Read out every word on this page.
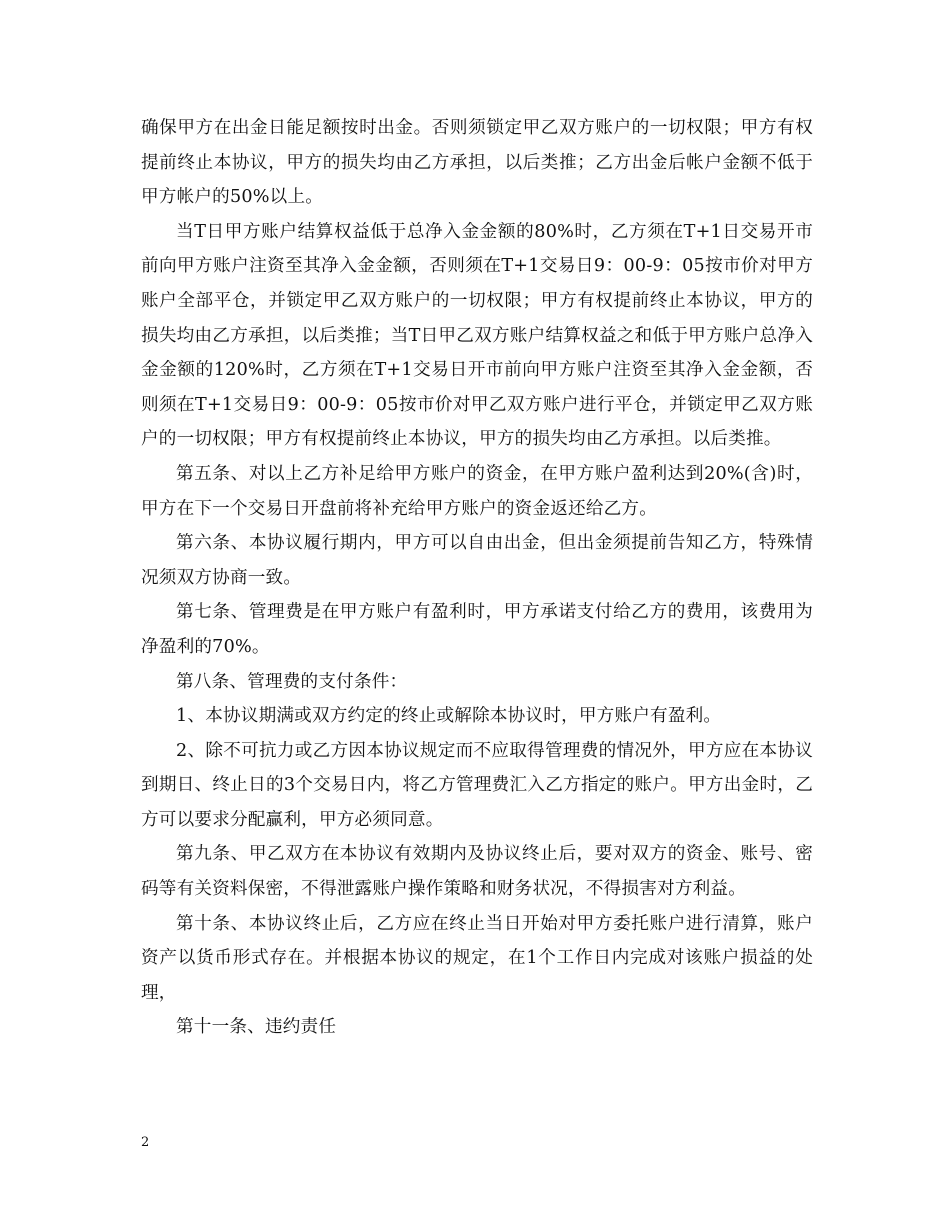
确保甲方在出金日能足额按时出金。否则须锁定甲乙双方账户的一切权限；甲方有权提前终止本协议，甲方的损失均由乙方承担，以后类推；乙方出金后帐户金额不低于甲方帐户的50%以上。

当T日甲方账户结算权益低于总净入金金额的80%时，乙方须在T+1日交易开市前向甲方账户注资至其净入金金额，否则须在T+1交易日9：00-9：05按市价对甲方账户全部平仓，并锁定甲乙双方账户的一切权限；甲方有权提前终止本协议，甲方的损失均由乙方承担，以后类推；当T日甲乙双方账户结算权益之和低于甲方账户总净入金金额的120%时，乙方须在T+1交易日开市前向甲方账户注资至其净入金金额，否则须在T+1交易日9：00-9：05按市价对甲乙双方账户进行平仓，并锁定甲乙双方账户的一切权限；甲方有权提前终止本协议，甲方的损失均由乙方承担。以后类推。

第五条、对以上乙方补足给甲方账户的资金，在甲方账户盈利达到20%(含)时，甲方在下一个交易日开盘前将补充给甲方账户的资金返还给乙方。

第六条、本协议履行期内，甲方可以自由出金，但出金须提前告知乙方，特殊情况须双方协商一致。

第七条、管理费是在甲方账户有盈利时，甲方承诺支付给乙方的费用，该费用为净盈利的70%。

第八条、管理费的支付条件：

1、本协议期满或双方约定的终止或解除本协议时，甲方账户有盈利。

2、除不可抗力或乙方因本协议规定而不应取得管理费的情况外，甲方应在本协议到期日、终止日的3个交易日内，将乙方管理费汇入乙方指定的账户。甲方出金时，乙方可以要求分配赢利，甲方必须同意。

第九条、甲乙双方在本协议有效期内及协议终止后，要对双方的资金、账号、密码等有关资料保密，不得泄露账户操作策略和财务状况，不得损害对方利益。

第十条、本协议终止后，乙方应在终止当日开始对甲方委托账户进行清算，账户资产以货币形式存在。并根据本协议的规定，在1个工作日内完成对该账户损益的处理，

第十一条、违约责任

2
